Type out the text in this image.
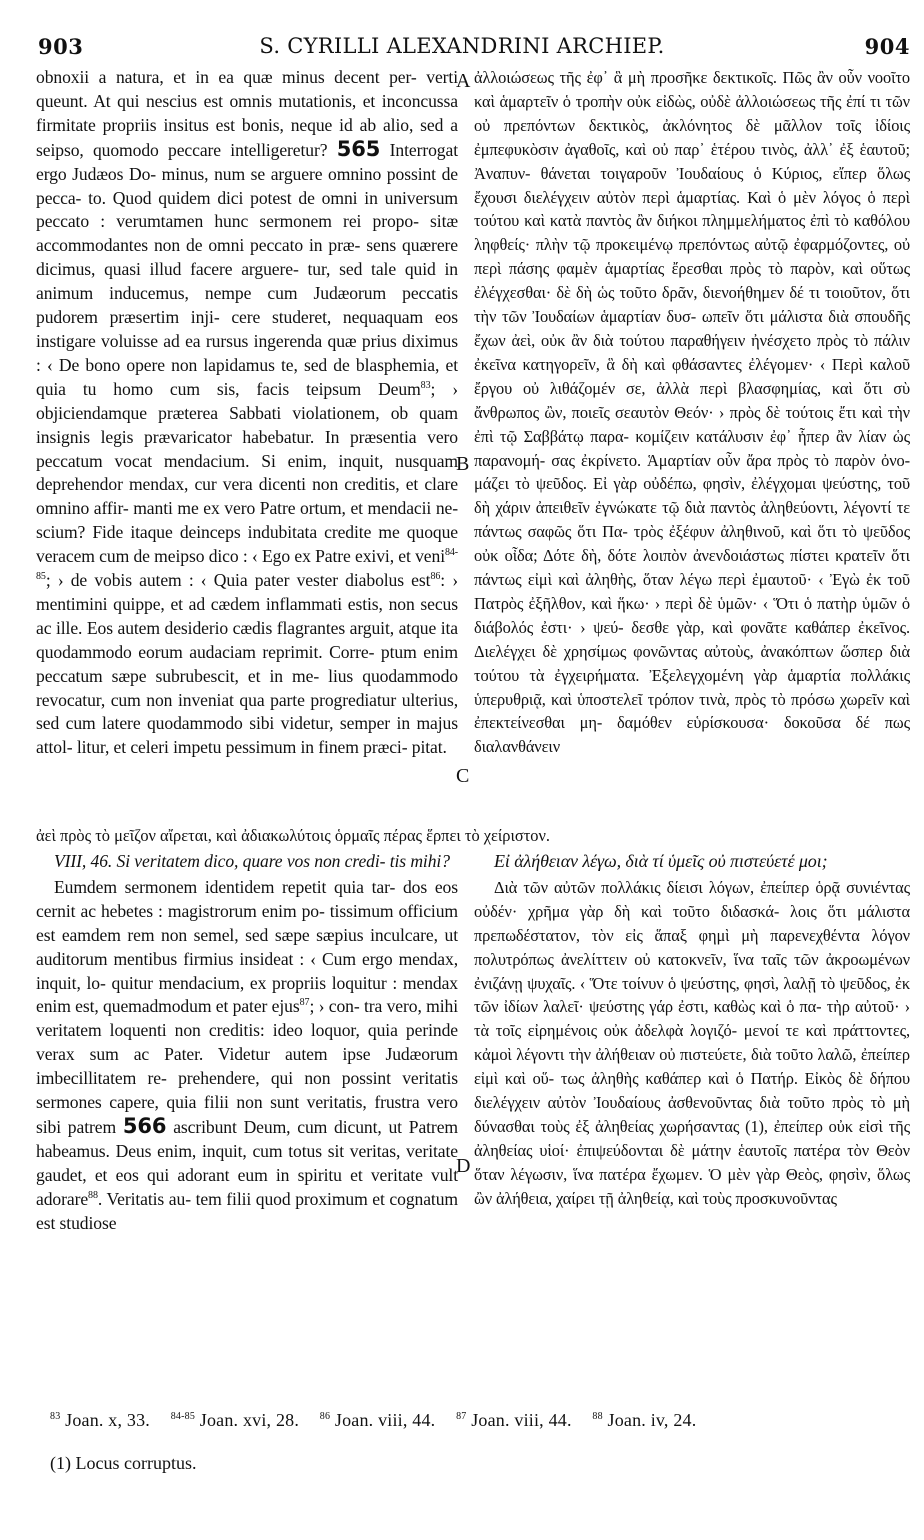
903	S. CYRILLI ALEXANDRINI ARCHIEP.	904

obnoxii a natura, et in ea quæ minus decent per- verti queunt. At qui nescius est omnis mutationis, et inconcussa firmitate propriis insitus est bonis, neque id ab alio, sed a seipso, quomodo peccare intelligeretur? 565 Interrogat ergo Judæos Do- minus, num se arguere omnino possint de pecca- to. Quod quidem dici potest de omni in universum peccato : verumtamen hunc sermonem rei propo- sitæ accommodantes non de omni peccato in præ- sens quærere dicimus, quasi illud facere arguere- tur, sed tale quid in animum inducemus, nempe cum Judæorum peccatis pudorem præsertim inji- cere studeret, nequaquam eos instigare voluisse ad ea rursus ingerenda quæ prius diximus : ‹ De bono opere non lapidamus te, sed de blasphemia, et quia tu homo cum sis, facis teipsum Deum$^{83}$; › objiciendamque præterea Sabbati violationem, ob quam insignis legis prævaricator habebatur. In præsentia vero peccatum vocat mendacium. Si enim, inquit, nusquam deprehendor mendax, cur vera dicenti non creditis, et clare omnino affir- manti me ex vero Patre ortum, et mendacii ne- scium? Fide itaque deinceps indubitata credite me quoque veracem cum de meipso dico : ‹ Ego ex Patre exivi, et veni$^{84-85}$; › de vobis autem : ‹ Quia pater vester diabolus est$^{86}$: › mentimini quippe, et ad cædem inflammati estis, non secus ac ille. Eos autem desiderio cædis flagrantes arguit, atque ita quodammodo eorum audaciam reprimit. Corre- ptum enim peccatum sæpe subrubescit, et in me- lius quodammodo revocatur, cum non inveniat qua parte progrediatur ulterius, sed cum latere quodammodo sibi videtur, semper in majus attol- litur, et celeri impetu pessimum in finem præci- pitat.

ἀλλοιώσεως τῆς ἐφ᾽ ἃ μὴ προσῆκε δεκτικοῖς. Πῶς ἂν οὖν νοοῖτο καὶ ἁμαρτεῖν ὁ τροπὴν οὐκ εἰδὼς, οὐδὲ ἀλλοιώσεως τῆς ἐπί τι τῶν οὐ πρεπόντων δεκτικὸς, ἀκλόνητος δὲ μᾶλλον τοῖς ἰδίοις ἐμπεφυκὸσιν ἀγαθοῖς, καὶ οὐ παρ᾽ ἑτέρου τινὸς, ἀλλ᾽ ἐξ ἑαυτοῦ; Ἀναπυν- θάνεται τοιγαροῦν Ἰουδαίους ὁ Κύριος, εἴπερ ὅλως ἔχουσι διελέγχειν αὐτὸν περὶ ἁμαρτίας. Καὶ ὁ μὲν λόγος ὁ περὶ τούτου καὶ κατὰ παντὸς ἂν διήκοι πλημμελήματος ἐπὶ τὸ καθόλου ληφθείς· πλὴν τῷ προκειμένῳ πρεπόντως αὐτῷ ἐφαρμόζοντες, οὐ περὶ πάσης φαμὲν ἁμαρτίας ἔρεσθαι πρὸς τὸ παρὸν, καὶ οὕτως ἐλέγχεσθαι· δὲ δὴ ὡς τοῦτο δρᾶν, διενοήθημεν δέ τι τοιοῦτον, ὅτι τὴν τῶν Ἰουδαίων ἁμαρτίαν δυσ- ωπεῖν ὅτι μάλιστα διὰ σπουδῆς ἔχων ἀεὶ, οὐκ ἂν διὰ τούτου παραθήγειν ἠνέσχετο πρὸς τὸ πάλιν ἐκεῖνα κατηγορεῖν, ἃ δὴ καὶ φθάσαντες ἐλέγομεν· ‹ Περὶ καλοῦ ἔργου οὐ λιθάζομέν σε, ἀλλὰ περὶ βλασφημίας, καὶ ὅτι σὺ ἄνθρωπος ὢν, ποιεῖς σεαυτὸν Θεόν· › πρὸς δὲ τούτοις ἔτι καὶ τὴν ἐπὶ τῷ Σαββάτῳ παρα- κομίζειν κατάλυσιν ἐφ᾽ ἧπερ ἂν λίαν ὡς παρανομή- σας ἐκρίνετο. Ἁμαρτίαν οὖν ἄρα πρὸς τὸ παρὸν ὀνο- μάζει τὸ ψεῦδος. Εἰ γὰρ οὐδέπω, φησὶν, ἐλέγχομαι ψεύστης, τοῦ δὴ χάριν ἀπειθεῖν ἐγνώκατε τῷ διὰ παντὸς ἀληθεύοντι, λέγοντί τε πάντως σαφῶς ὅτι Πα- τρὸς ἐξέφυν ἀληθινοῦ, καὶ ὅτι τὸ ψεῦδος οὐκ οἶδα; Δότε δὴ, δότε λοιπὸν ἀνενδοιάστως πίστει κρατεῖν ὅτι πάντως εἰμὶ καὶ ἀληθὴς, ὅταν λέγω περὶ ἐμαυτοῦ· ‹ Ἐγὼ ἐκ τοῦ Πατρὸς ἐξῆλθον, καὶ ἥκω· › περὶ δὲ ὑμῶν· ‹ Ὅτι ὁ πατὴρ ὑμῶν ὁ διάβολός ἐστι· › ψεύ- δεσθε γὰρ, καὶ φονᾶτε καθάπερ ἐκεῖνος. Διελέγχει δὲ χρησίμως φονῶντας αὐτοὺς, ἀνακόπτων ὥσπερ διὰ τούτου τὰ ἐγχειρήματα. Ἐξελεγχομένη γὰρ ἁμαρτία πολλάκις ὑπερυθριᾷ, καὶ ὑποστελεῖ τρόπον τινὰ, πρὸς τὸ πρόσω χωρεῖν καὶ ἐπεκτείνεσθαι μη- δαμόθεν εὑρίσκουσα· δοκοῦσα δέ πως διαλανθάνειν

A
B
C
D
ἀεὶ πρὸς τὸ μεῖζον αἴρεται, καὶ ἀδιακωλύτοις ὁρμαῖς πέρας ἕρπει τὸ χείριστον.

VIII, 46. Si veritatem dico, quare vos non credi- tis mihi?

Eumdem sermonem identidem repetit quia tar- dos eos cernit ac hebetes : magistrorum enim po- tissimum officium est eamdem rem non semel, sed sæpe sæpius inculcare, ut auditorum mentibus firmius insideat : ‹ Cum ergo mendax, inquit, lo- quitur mendacium, ex propriis loquitur : mendax enim est, quemadmodum et pater ejus$^{87}$; › con- tra vero, mihi veritatem loquenti non creditis: ideo loquor, quia perinde verax sum ac Pater. Videtur autem ipse Judæorum imbecillitatem re- prehendere, qui non possint veritatis sermones capere, quia filii non sunt veritatis, frustra vero sibi patrem 566 ascribunt Deum, cum dicunt, ut Patrem habeamus. Deus enim, inquit, cum totus sit veritas, veritate gaudet, et eos qui adorant eum in spiritu et veritate vult adorare$^{88}$. Veritatis au- tem filii quod proximum et cognatum est studiose

Εἰ ἀλήθειαν λέγω, διὰ τί ὑμεῖς οὐ πιστεύετέ μοι;

Διὰ τῶν αὐτῶν πολλάκις δίεισι λόγων, ἐπείπερ ὁρᾷ συνιέντας οὐδέν· χρῆμα γὰρ δὴ καὶ τοῦτο διδασκά- λοις ὅτι μάλιστα πρεπωδέστατον, τὸν εἰς ἅπαξ φημὶ μὴ παρενεχθέντα λόγον πολυτρόπως ἀνελίττειν οὐ κατοκνεῖν, ἵνα ταῖς τῶν ἀκροωμένων ἐνιζάνῃ ψυχαῖς. ‹ Ὅτε τοίνυν ὁ ψεύστης, φησὶ, λαλῇ τὸ ψεῦδος, ἐκ τῶν ἰδίων λαλεῖ· ψεύστης γάρ ἐστι, καθὼς καὶ ὁ πα- τὴρ αὐτοῦ· › τὰ τοῖς εἰρημένοις οὐκ ἀδελφὰ λογιζό- μενοί τε καὶ πράττοντες, κἀμοὶ λέγοντι τὴν ἀλήθειαν οὐ πιστεύετε, διὰ τοῦτο λαλῶ, ἐπείπερ εἰμὶ καὶ οὕ- τως ἀληθὴς καθάπερ καὶ ὁ Πατήρ. Εἰκὸς δὲ δήπου διελέγχειν αὐτὸν Ἰουδαίους ἀσθενοῦντας διὰ τοῦτο πρὸς τὸ μὴ δύνασθαι τοὺς ἐξ ἀληθείας χωρήσαντας (1), ἐπείπερ οὐκ εἰσὶ τῆς ἀληθείας υἱοί· ἐπιψεύδονται δὲ μάτην ἑαυτοῖς πατέρα τὸν Θεὸν ὅταν λέγωσιν, ἵνα πατέρα ἔχωμεν. Ὁ μὲν γὰρ Θεὸς, φησὶν, ὅλως ὢν ἀλήθεια, χαίρει τῇ ἀληθείᾳ, καὶ τοὺς προσκυνοῦντας

$^{83}$ Joan. x, 33. $^{84-85}$ Joan. xvi, 28. $^{86}$ Joan. viii, 44. $^{87}$ Joan. viii, 44. $^{88}$ Joan. iv, 24.
(1) Locus corruptus.
